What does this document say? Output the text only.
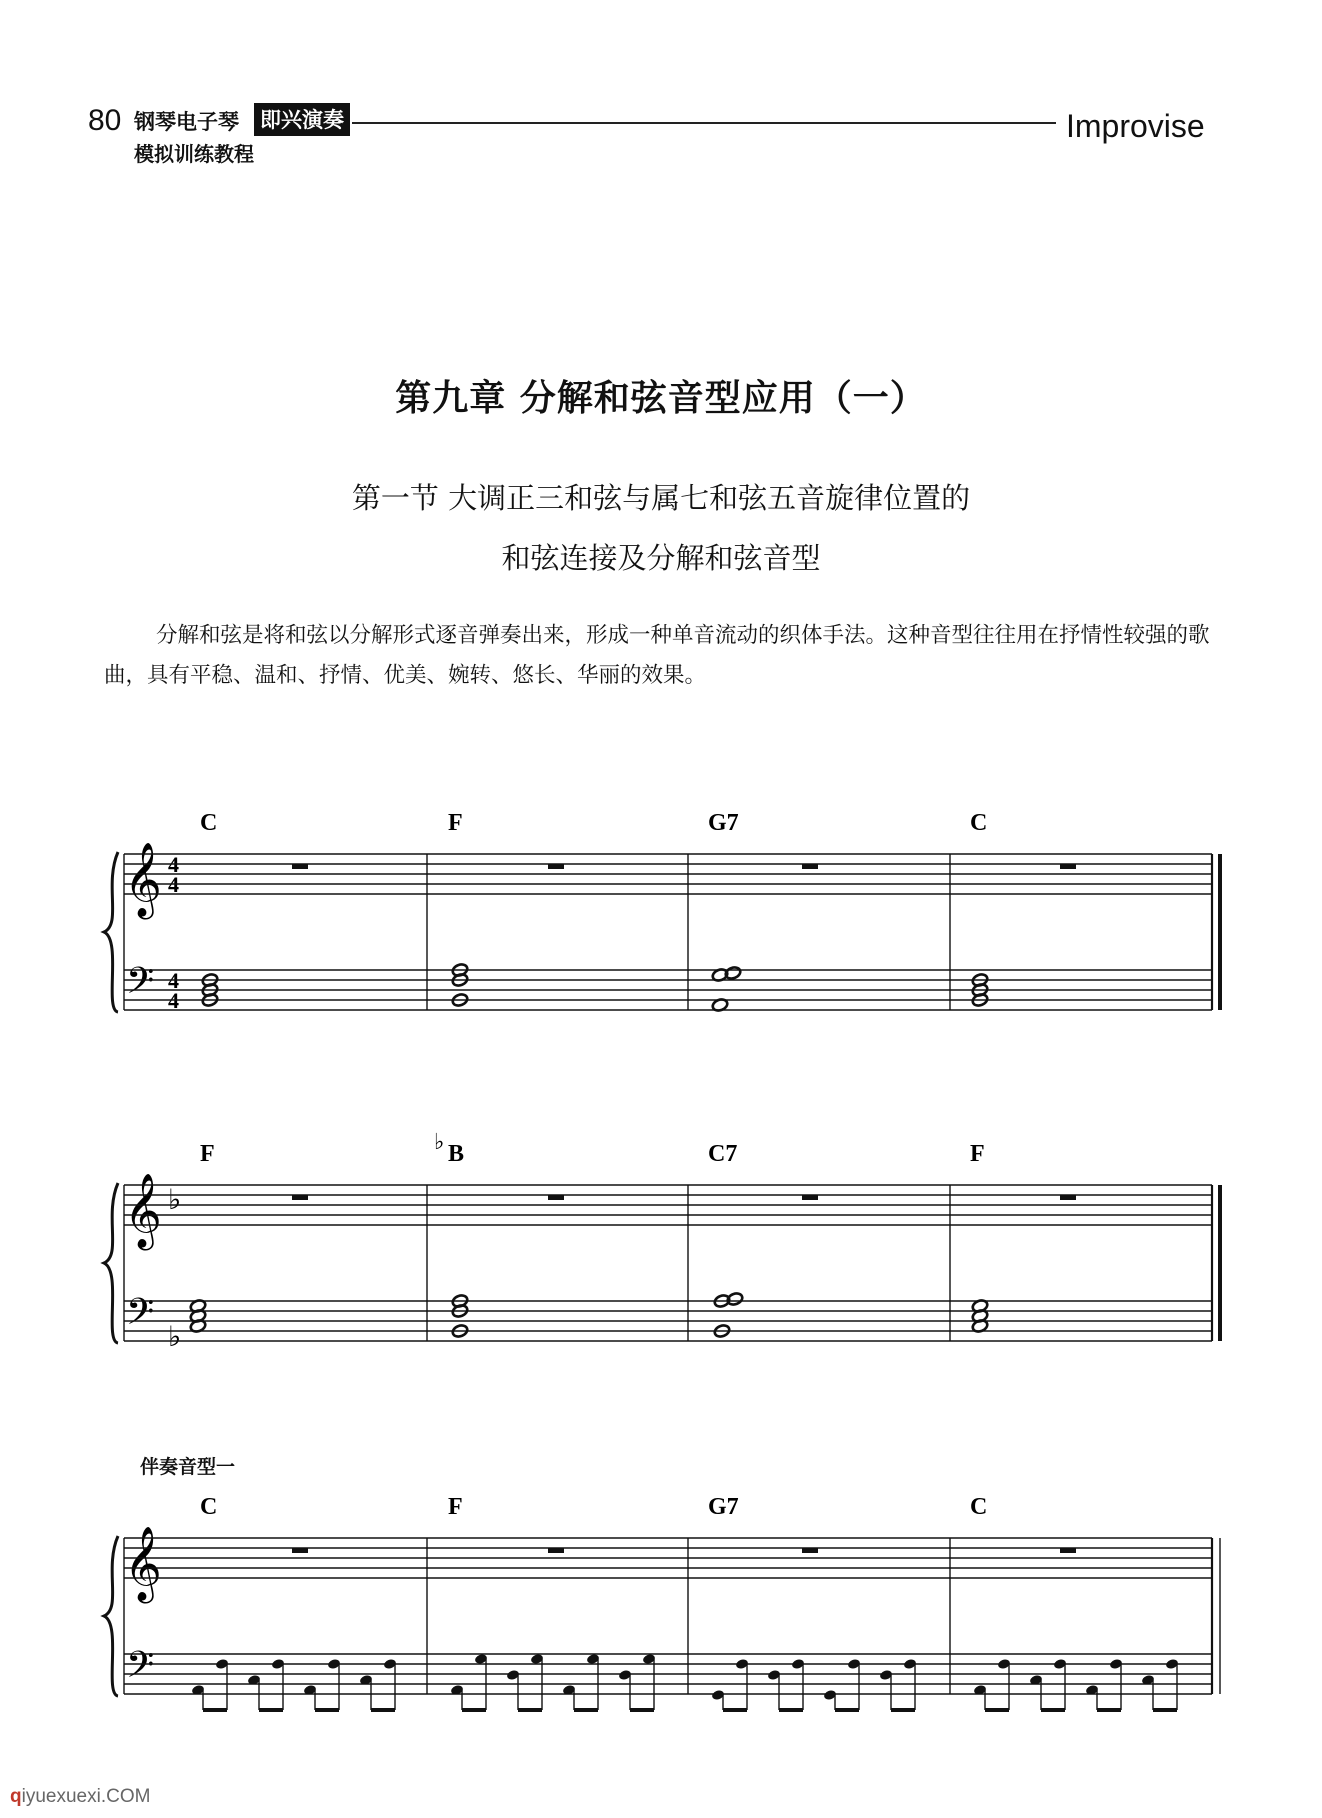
80 钢琴电子琴 即兴演奏
模拟训练教程
Improvise
第九章 分解和弦音型应用（一）
第一节 大调正三和弦与属七和弦五音旋律位置的
和弦连接及分解和弦音型
分解和弦是将和弦以分解形式逐音弹奏出来，形成一种单音流动的织体手法。这种音型往往用在抒情性较强的歌曲，具有平稳、温和、抒情、优美、婉转、悠长、华丽的效果。
伴奏音型一
qiyuexuexi.COM
C	F	G7	C
𝄞
𝄢
4
4
4
4
F	B
♭	C7	F
𝄞
𝄢
♭
♭
C	F	G7	C
𝄞
𝄢
